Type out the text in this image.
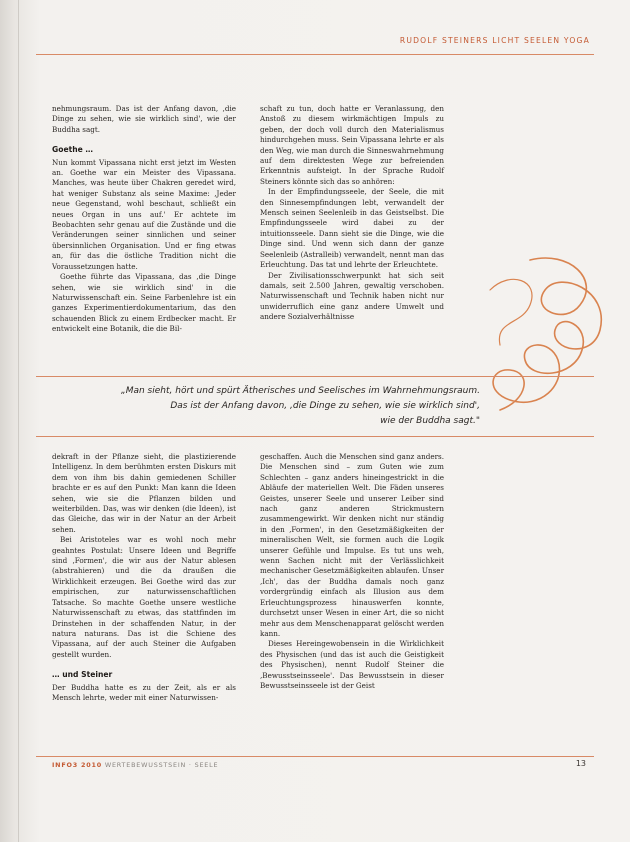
RUDOLF STEINERS LICHT SEELEN YOGA

nehmungsraum. Das ist der Anfang davon, ‚die Dinge zu sehen, wie sie wirklich sind', wie der Buddha sagt.

Goethe …

Nun kommt Vipassana nicht erst jetzt im Westen an. Goethe war ein Meister des Vipassana. Manches, was heute über Chakren geredet wird, hat weniger Substanz als seine Maxime: ‚Jeder neue Gegenstand, wohl beschaut, schließt ein neues Organ in uns auf.' Er achtete im Beobachten sehr genau auf die Zustände und die Veränderungen seiner sinnlichen und seiner übersinnlichen Organisation. Und er fing etwas an, für das die östliche Tradition nicht die Voraussetzungen hatte.

Goethe führte das Vipassana, das ‚die Dinge sehen, wie sie wirklich sind' in die Naturwissenschaft ein. Seine Farbenlehre ist ein ganzes Experimentierdokumentarium, das den schauenden Blick zu einem Erdbecker macht. Er entwickelt eine Botanik, die die Bil-

schaft zu tun, doch hatte er Veranlassung, den Anstoß zu diesem wirkmächtigen Impuls zu geben, der doch voll durch den Materialismus hindurchgehen muss. Sein Vipassana lehrte er als den Weg, wie man durch die Sinneswahrnehmung auf dem direktesten Wege zur befreienden Erkenntnis aufsteigt. In der Sprache Rudolf Steiners könnte sich das so anhören:

In der Empfindungsseele, der Seele, die mit den Sinnesempfindungen lebt, verwandelt der Mensch seinen Seelenleib in das Geistselbst. Die Empfindungsseele wird dabei zu der intuitionsseele. Dann sieht sie die Dinge, wie die Dinge sind. Und wenn sich dann der ganze Seelenleib (Astralleib) verwandelt, nennt man das Erleuchtung. Das tat und lehrte der Erleuchtete.

Der Zivilisationsschwerpunkt hat sich seit damals, seit 2.500 Jahren, gewaltig verschoben. Naturwissenschaft und Technik haben nicht nur unwiderruflich eine ganz andere Umwelt und andere Sozialverhältnisse

„Man sieht, hört und spürt Ätherisches und Seelisches im Wahrnehmungsraum.
Das ist der Anfang davon, ‚die Dinge zu sehen, wie sie wirklich sind',
wie der Buddha sagt."

dekraft in der Pflanze sieht, die plastizierende Intelligenz. In dem berühmten ersten Diskurs mit dem von ihm bis dahin gemiedenen Schiller brachte er es auf den Punkt: Man kann die Ideen sehen, wie sie die Pflanzen bilden und weiterbilden. Das, was wir denken (die Ideen), ist das Gleiche, das wir in der Natur an der Arbeit sehen.

Bei Aristoteles war es wohl noch mehr geahntes Postulat: Unsere Ideen und Begriffe sind ‚Formen', die wir aus der Natur ablesen (abstrahieren) und die da draußen die Wirklichkeit erzeugen. Bei Goethe wird das zur empirischen, zur naturwissenschaftlichen Tatsache. So machte Goethe unsere westliche Naturwissenschaft zu etwas, das stattfinden im Drinstehen in der schaffenden Natur, in der natura naturans. Das ist die Schiene des Vipassana, auf der auch Steiner die Aufgaben gestellt wurden.

… und Steiner

Der Buddha hatte es zu der Zeit, als er als Mensch lehrte, weder mit einer Naturwissen-

geschaffen. Auch die Menschen sind ganz anders. Die Menschen sind – zum Guten wie zum Schlechten – ganz anders hineingestrickt in die Abläufe der materiellen Welt. Die Fäden unseres Geistes, unserer Seele und unserer Leiber sind nach ganz anderen Strickmustern zusammengewirkt. Wir denken nicht nur ständig in den ‚Formen', in den Gesetzmäßigkeiten der mineralischen Welt, sie formen auch die Logik unserer Gefühle und Impulse. Es tut uns weh, wenn Sachen nicht mit der Verlässlichkeit mechanischer Gesetzmäßigkeiten ablaufen. Unser ‚Ich', das der Buddha damals noch ganz vordergründig einfach als Illusion aus dem Erleuchtungsprozess hinauswerfen konnte, durchsetzt unser Wesen in einer Art, die so nicht mehr aus dem Menschenapparat gelöscht werden kann.

Dieses Hereingewobensein in die Wirklichkeit des Physischen (und das ist auch die Geistigkeit des Physischen), nennt Rudolf Steiner die ‚Bewusstseinsseele'. Das Bewusstsein in dieser Bewusstseinsseele ist der Geist

INFO3 2010 WERTEBEWUSSTSEIN · SEELE	13
